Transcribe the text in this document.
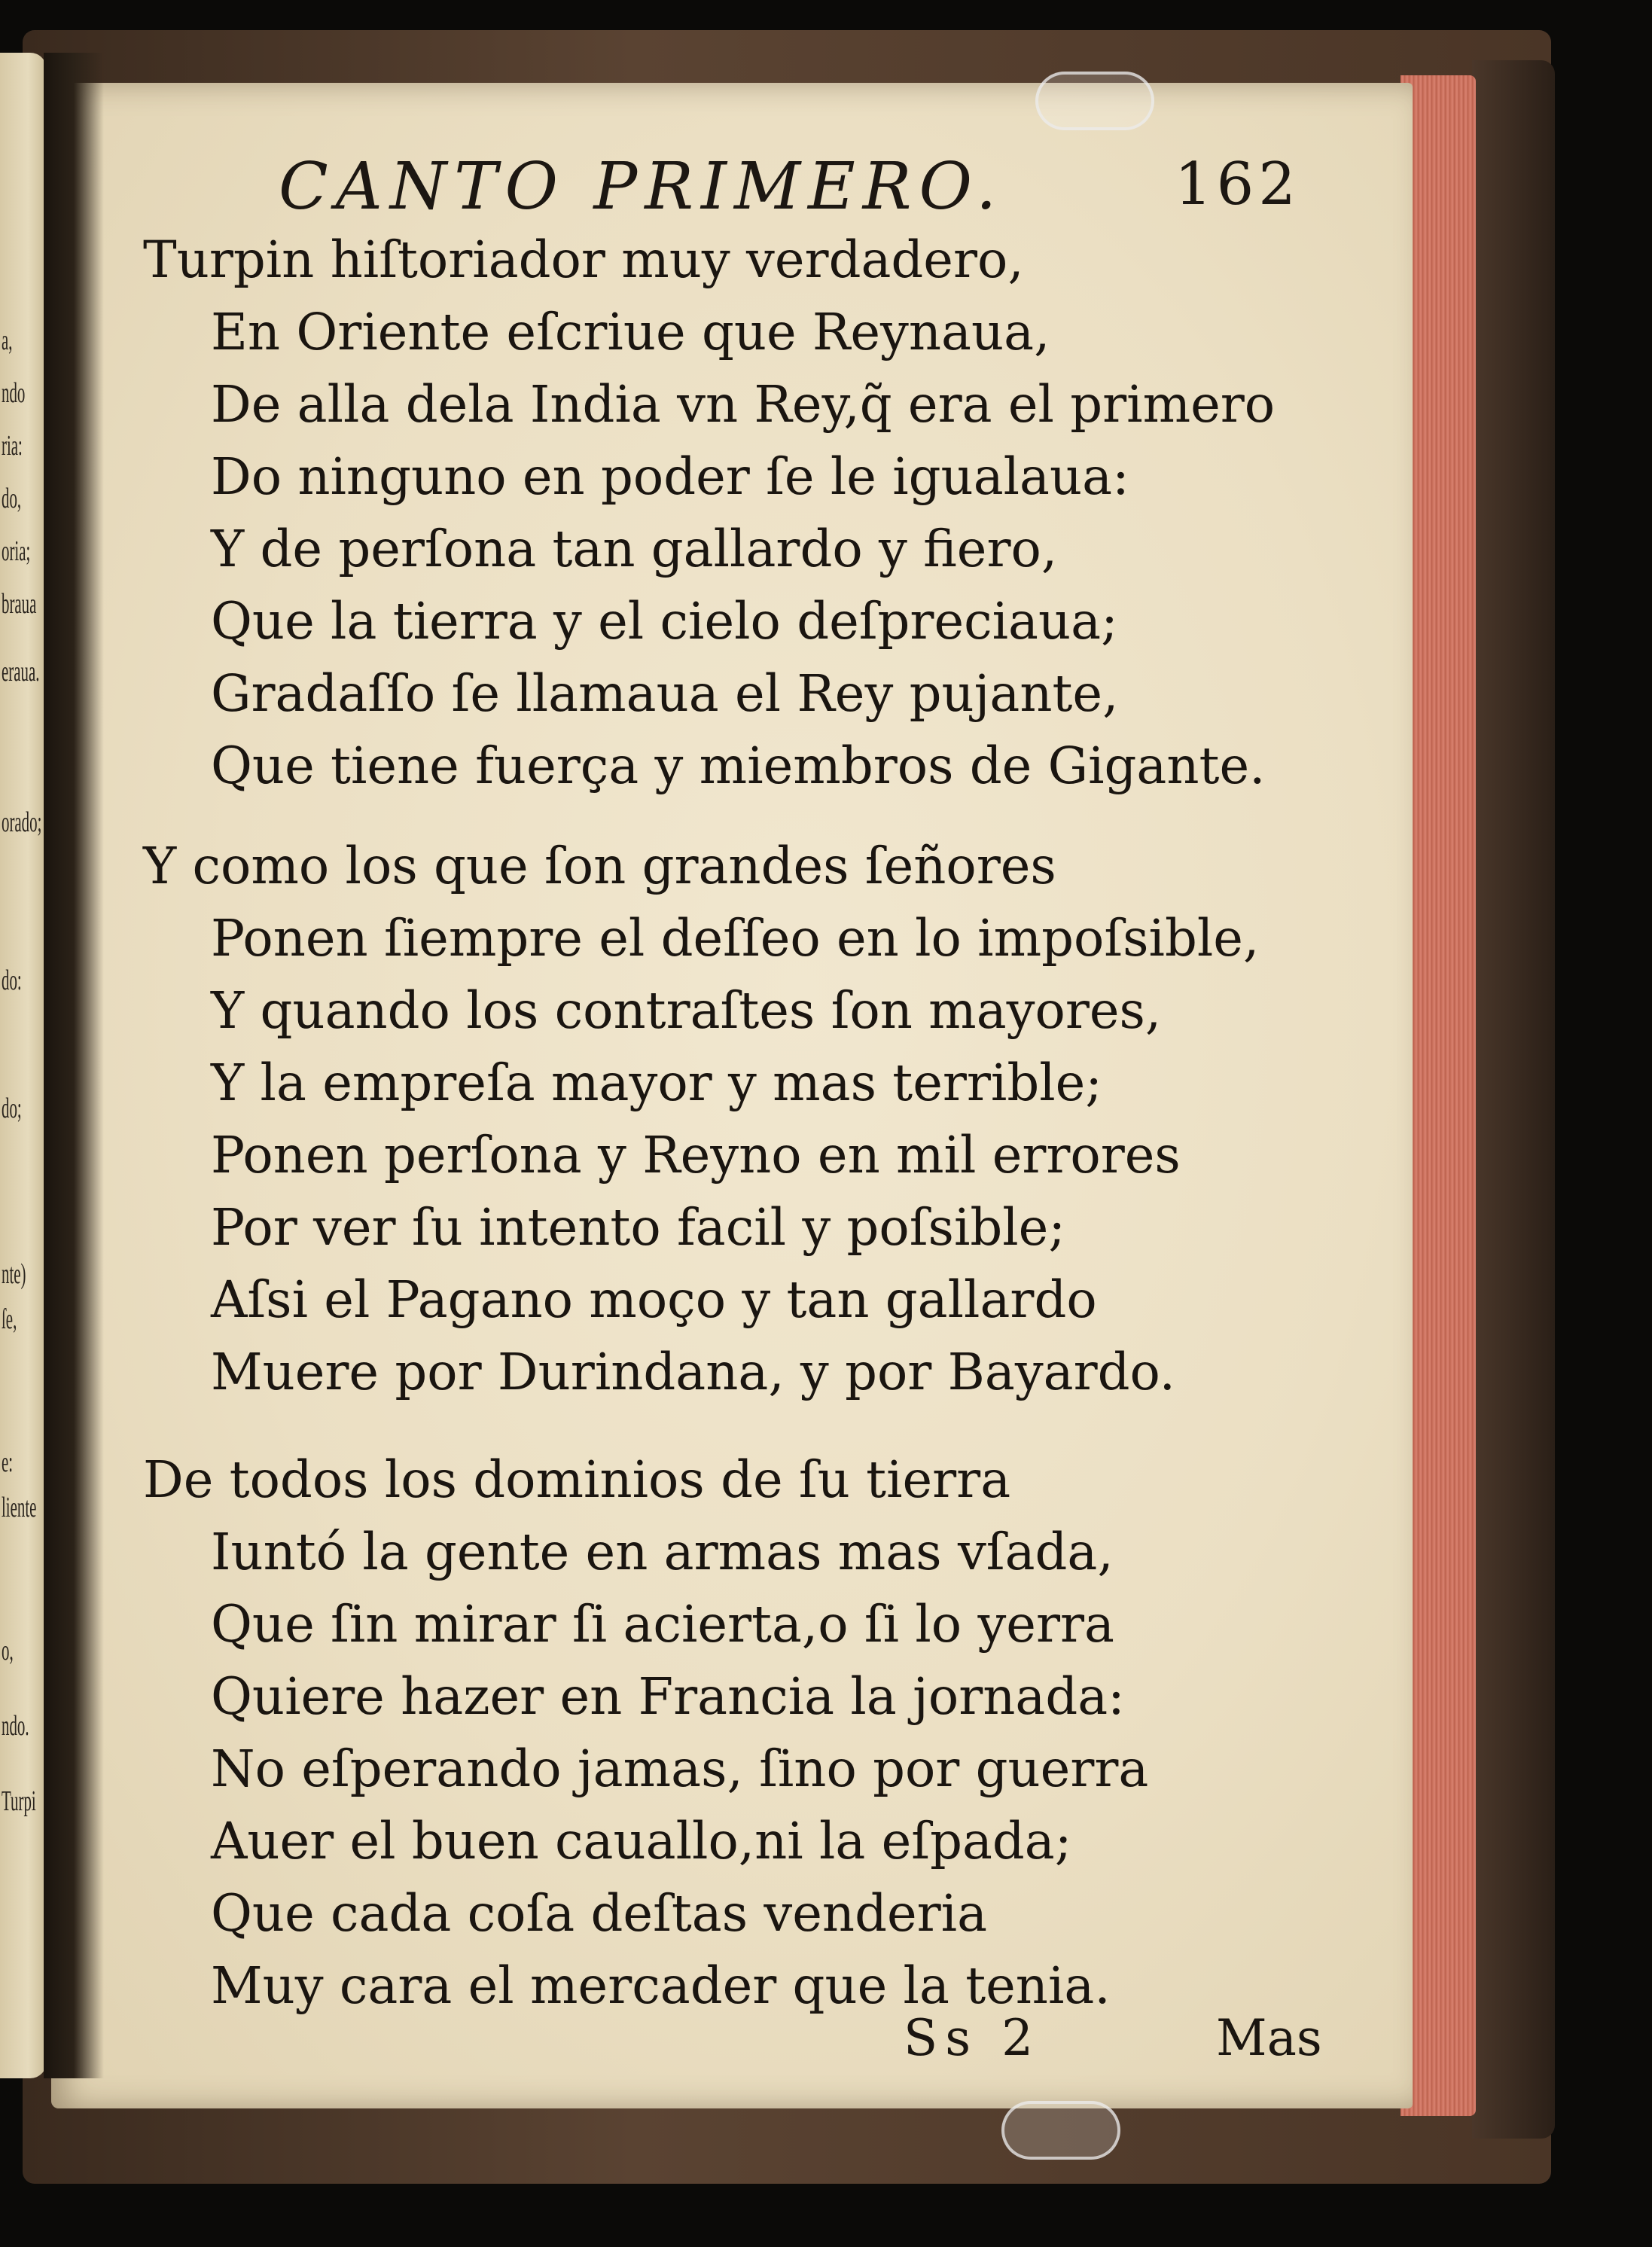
a,
ndo
ria:
do,
oria;
braua
eraua.
orado;
do:
do;
nte)
ſe,
e:
liente
o,
ndo.
Turpi
CANTO PRIMERO.	162
Turpin hiſtoriador muy verdadero,
En Oriente eſcriue que Reynaua,
De alla dela India vn Rey,q̃ era el primero
Do ninguno en poder ſe le igualaua:
Y de perſona tan gallardo y fiero,
Que la tierra y el cielo deſpreciaua;
Gradaſſo ſe llamaua el Rey pujante,
Que tiene fuerça y miembros de Gigante.
Y como los que ſon grandes ſeñores
Ponen ſiempre el deſſeo en lo impoſsible,
Y quando los contraſtes ſon mayores,
Y la empreſa mayor y mas terrible;
Ponen perſona y Reyno en mil errores
Por ver ſu intento facil y poſsible;
Aſsi el Pagano moço y tan gallardo
Muere por Durindana, y por Bayardo.
De todos los dominios de ſu tierra
Iuntó la gente en armas mas vſada,
Que ſin mirar ſi acierta,o ſi lo yerra
Quiere hazer en Francia la jornada:
No eſperando jamas, ſino por guerra
Auer el buen cauallo,ni la eſpada;
Que cada coſa deſtas venderia
Muy cara el mercader que la tenia.
Ss 2	Mas
